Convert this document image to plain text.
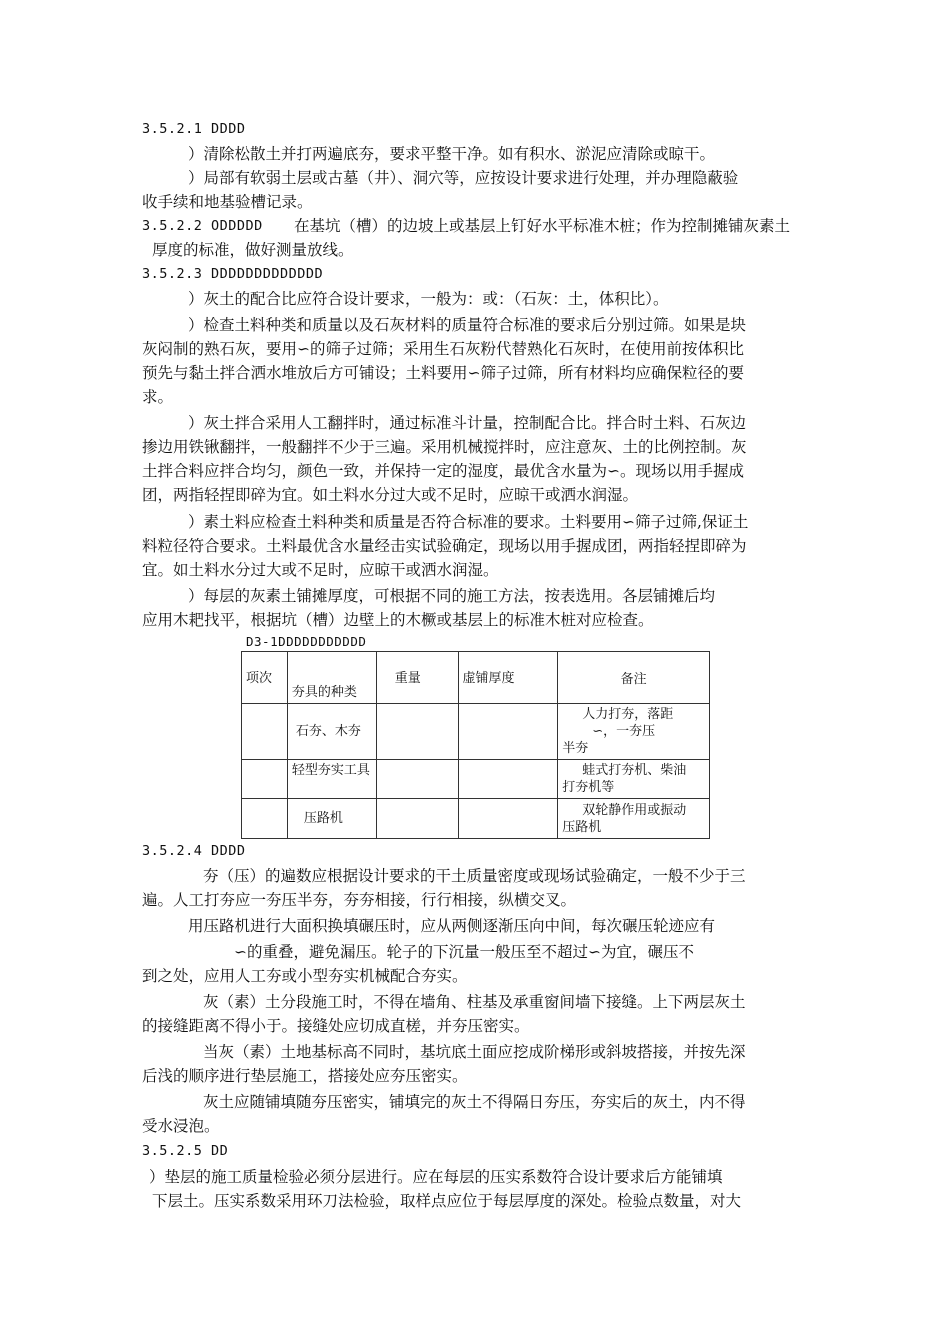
3.5.2.1 DDDD
）清除松散土并打两遍底夯，要求平整干净。如有积水、淤泥应清除或晾干。
）局部有软弱土层或古墓（井）、洞穴等，应按设计要求进行处理，并办理隐蔽验
收手续和地基验槽记录。
3.5.2.2 ODDDDD 在基坑（槽）的边坡上或基层上钉好水平标准木桩；作为控制摊铺灰素土
厚度的标准，做好测量放线。
3.5.2.3 DDDDDDDDDDDDD
）灰土的配合比应符合设计要求，一般为：或：（石灰：土，体积比）。
）检查土料种类和质量以及石灰材料的质量符合标准的要求后分别过筛。如果是块
灰闷制的熟石灰，要用∽的筛子过筛；采用生石灰粉代替熟化石灰时，在使用前按体积比
预先与黏土拌合洒水堆放后方可铺设；土料要用∽筛子过筛，所有材料均应确保粒径的要
求。
）灰土拌合采用人工翻拌时，通过标准斗计量，控制配合比。拌合时土料、石灰边
掺边用铁锹翻拌，一般翻拌不少于三遍。采用机械搅拌时，应注意灰、土的比例控制。灰
土拌合料应拌合均匀，颜色一致，并保持一定的湿度，最优含水量为∽。现场以用手握成
团，两指轻捏即碎为宜。如土料水分过大或不足时，应晾干或洒水润湿。
）素土料应检查土料种类和质量是否符合标准的要求。土料要用∽筛子过筛,保证土
料粒径符合要求。土料最优含水量经击实试验确定，现场以用手握成团，两指轻捏即碎为
宜。如土料水分过大或不足时，应晾干或洒水润湿。
）每层的灰素土铺摊厚度，可根据不同的施工方法，按表选用。各层铺摊后均
应用木耙找平，根据坑（槽）边壁上的木橛或基层上的标准木桩对应检查。
D3-1DDDDDDDDDDD
项次	夯具的种类	重量	虚铺厚度	备注
	石夯、木夯			人力打夯，落距
∽，一夯压
半夯

	轻型夯实工具			蛙式打夯机、柴油
打夯机等

	压路机			双轮静作用或振动
压路机
3.5.2.4 DDDD
夯（压）的遍数应根据设计要求的干土质量密度或现场试验确定，一般不少于三
遍。人工打夯应一夯压半夯，夯夯相接，行行相接，纵横交叉。
用压路机进行大面积换填碾压时，应从两侧逐渐压向中间，每次碾压轮迹应有
∽的重叠，避免漏压。轮子的下沉量一般压至不超过∽为宜，碾压不
到之处，应用人工夯或小型夯实机械配合夯实。
灰（素）土分段施工时，不得在墙角、柱基及承重窗间墙下接缝。上下两层灰土
的接缝距离不得小于。接缝处应切成直槎，并夯压密实。
当灰（素）土地基标高不同时，基坑底土面应挖成阶梯形或斜坡搭接，并按先深
后浅的顺序进行垫层施工，搭接处应夯压密实。
灰土应随铺填随夯压密实，铺填完的灰土不得隔日夯压，夯实后的灰土，内不得
受水浸泡。
3.5.2.5 DD
）垫层的施工质量检验必须分层进行。应在每层的压实系数符合设计要求后方能铺填
下层土。压实系数采用环刀法检验，取样点应位于每层厚度的深处。检验点数量，对大
